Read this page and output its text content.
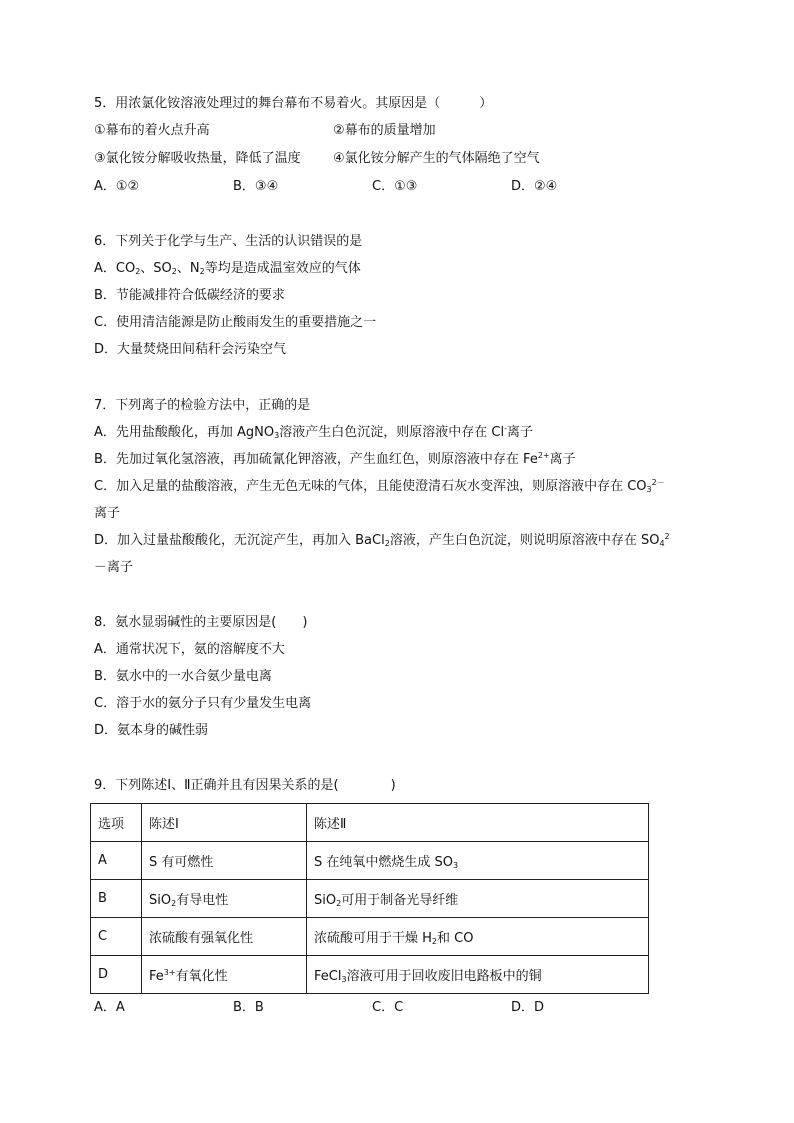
5．用浓氯化铵溶液处理过的舞台幕布不易着火。其原因是（　　　）
①幕布的着火点升高	②幕布的质量增加
③氯化铵分解吸收热量，降低了温度 ④氯化铵分解产生的气体隔绝了空气
A．①②	B．③④	C．①③	D．②④
6．下列关于化学与生产、生活的认识错误的是
A．$CO_2$、$SO_2$、$N_2$等均是造成温室效应的气体
B．节能减排符合低碳经济的要求
C．使用清洁能源是防止酸雨发生的重要措施之一
D．大量焚烧田间秸秆会污染空气
7．下列离子的检验方法中，正确的是
A．先用盐酸酸化，再加 AgNO$_3$溶液产生白色沉淀，则原溶液中存在 Cl-离子
B．先加过氧化氢溶液，再加硫氰化钾溶液，产生血红色，则原溶液中存在 $Fe^{2+}$离子
C．加入足量的盐酸溶液，产生无色无味的气体，且能使澄清石灰水变浑浊，则原溶液中存在 $CO_3^{2-}$
离子
D．加入过量盐酸酸化，无沉淀产生，再加入 BaCl$_2$溶液，产生白色沉淀，则说明原溶液中存在 $SO_4^2$
－离子
8．氨水显弱碱性的主要原因是(　　)
A．通常状况下，氨的溶解度不大
B．氨水中的一水合氨少量电离
C．溶于水的氨分子只有少量发生电离
D．氨本身的碱性弱
9．下列陈述Ⅰ、Ⅱ正确并且有因果关系的是(　　　　)
选项	陈述Ⅰ	陈述Ⅱ
A	S 有可燃性	S 在纯氧中燃烧生成 $SO_3$
B	SiO$_2$有导电性	SiO$_2$可用于制备光导纤维
C	浓硫酸有强氧化性	浓硫酸可用于干燥 $H_2$和 CO
D	$Fe^{3+}$有氧化性	FeCl$_3$溶液可用于回收废旧电路板中的铜
A．A	B．B	C．C	D．D
